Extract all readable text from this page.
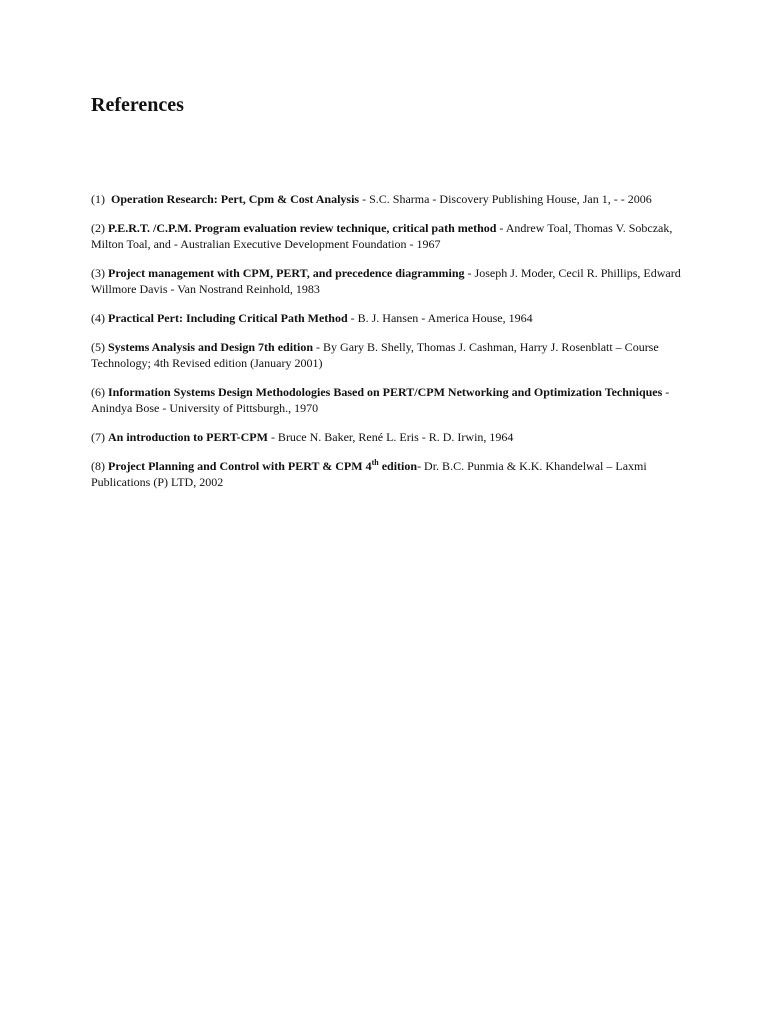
References
(1) Operation Research: Pert, Cpm & Cost Analysis - S.C. Sharma - Discovery Publishing House, Jan 1, - - 2006
(2) P.E.R.T. /C.P.M. Program evaluation review technique, critical path method - Andrew Toal, Thomas V. Sobczak, Milton Toal, and - Australian Executive Development Foundation - 1967
(3) Project management with CPM, PERT, and precedence diagramming - Joseph J. Moder, Cecil R. Phillips, Edward Willmore Davis - Van Nostrand Reinhold, 1983
(4) Practical Pert: Including Critical Path Method - B. J. Hansen - America House, 1964
(5) Systems Analysis and Design 7th edition - By Gary B. Shelly, Thomas J. Cashman, Harry J. Rosenblatt – Course Technology; 4th Revised edition (January 2001)
(6) Information Systems Design Methodologies Based on PERT/CPM Networking and Optimization Techniques - Anindya Bose - University of Pittsburgh., 1970
(7) An introduction to PERT-CPM - Bruce N. Baker, René L. Eris - R. D. Irwin, 1964
(8) Project Planning and Control with PERT & CPM 4th edition- Dr. B.C. Punmia & K.K. Khandelwal – Laxmi Publications (P) LTD, 2002
